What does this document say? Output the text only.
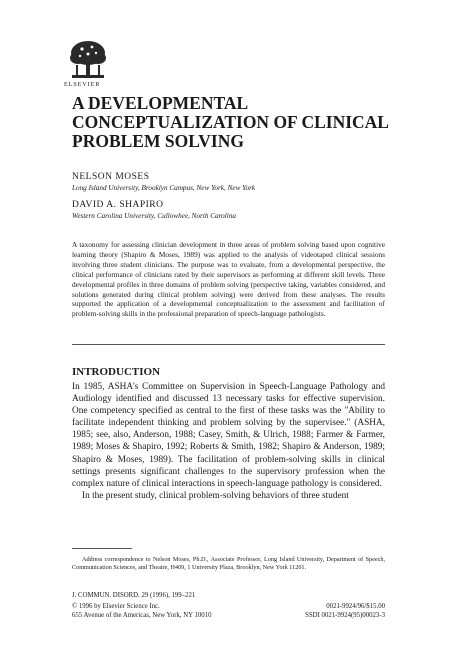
ELSEVIER
A DEVELOPMENTAL CONCEPTUALIZATION OF CLINICAL PROBLEM SOLVING
NELSON MOSES
Long Island University, Brooklyn Campus, New York, New York
DAVID A. SHAPIRO
Western Carolina University, Cullowhee, North Carolina

A taxonomy for assessing clinician development in three areas of problem solving based upon cognitive learning theory (Shapiro & Moses, 1989) was applied to the analysis of videotaped clinical sessions involving three student clinicians. The purpose was to evaluate, from a developmental perspective, the clinical performance of clinicians rated by their supervisors as performing at different skill levels. Three developmental profiles in three domains of problem solving (perspective taking, variables considered, and solutions generated during clinical problem solving) were derived from these analyses. The results supported the application of a developmental conceptualization to the assessment and facilitation of problem-solving skills in the professional preparation of speech-language pathologists.

INTRODUCTION

In 1985, ASHA's Committee on Supervision in Speech-Language Pathology and Audiology identified and discussed 13 necessary tasks for effective supervision. One competency specified as central to the first of these tasks was the "Ability to facilitate independent thinking and problem solving by the supervisee." (ASHA, 1985; see, also, Anderson, 1988; Casey, Smith, & Ulrich, 1988; Farmer & Farmer, 1989; Moses & Shapiro, 1992; Roberts & Smith, 1982; Shapiro & Anderson, 1989; Shapiro & Moses, 1989). The facilitation of problem-solving skills in clinical settings presents significant challenges to the supervisory profession when the complex nature of clinical interactions in speech-language pathology is considered.

In the present study, clinical problem-solving behaviors of three student

Address correspondence to Nelson Moses, Ph.D., Associate Professor, Long Island University, Department of Speech, Communication Sciences, and Theatre, H409, 1 University Plaza, Brooklyn, New York 11201.

J. COMMUN. DISORD. 29 (1996), 199–221
© 1996 by Elsevier Science Inc.	0021-9924/96/$15.00
655 Avenue of the Americas, New York, NY 10010	SSDI 0021-9924(95)00023-3
